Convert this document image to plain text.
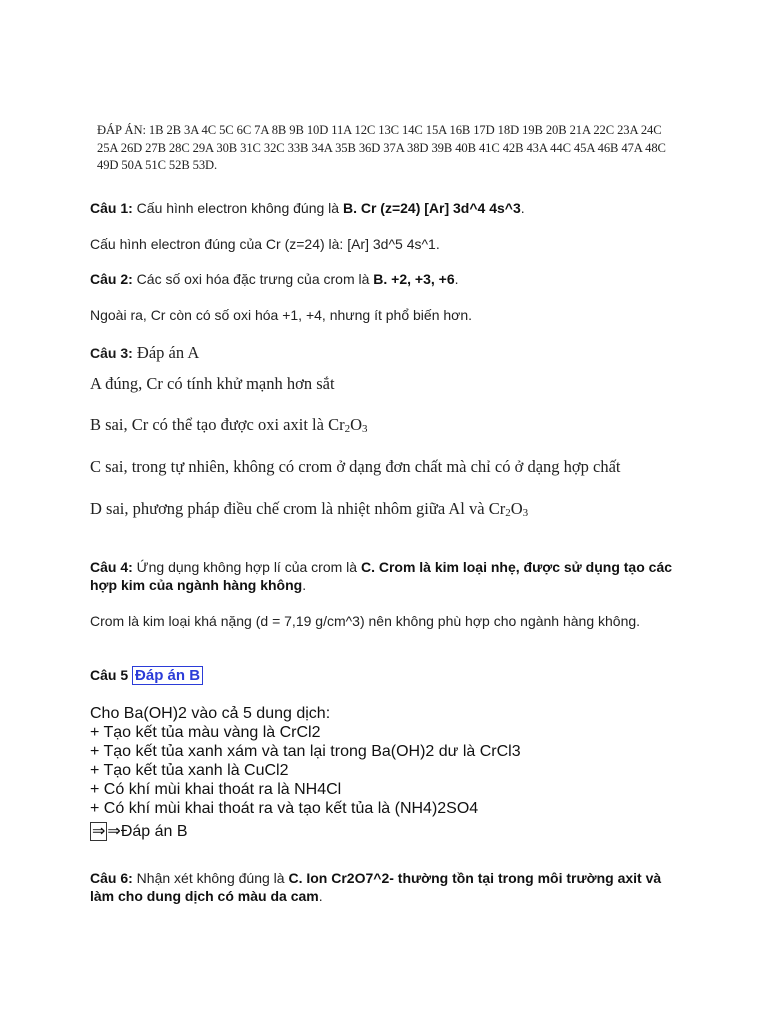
ĐÁP ÁN: 1B 2B 3A 4C 5C 6C 7A 8B 9B 10D 11A 12C 13C 14C 15A 16B 17D 18D 19B 20B 21A 22C 23A 24C 25A 26D 27B 28C 29A 30B 31C 32C 33B 34A 35B 36D 37A 38D 39B 40B 41C 42B 43A 44C 45A 46B 47A 48C 49D 50A 51C 52B 53D.
Câu 1: Cấu hình electron không đúng là B. Cr (z=24) [Ar] 3d^4 4s^3.
Cấu hình electron đúng của Cr (z=24) là: [Ar] 3d^5 4s^1.
Câu 2: Các số oxi hóa đặc trưng của crom là B. +2, +3, +6.
Ngoài ra, Cr còn có số oxi hóa +1, +4, nhưng ít phổ biến hơn.
Câu 3: Đáp án A
A đúng, Cr có tính khử mạnh hơn sắt
B sai, Cr có thể tạo được oxi axit là $Cr_2O_3$
C sai, trong tự nhiên, không có crom ở dạng đơn chất mà chỉ có ở dạng hợp chất
D sai, phương pháp điều chế crom là nhiệt nhôm giữa Al và $Cr_2O_3$
Câu 4: Ứng dụng không hợp lí của crom là C. Crom là kim loại nhẹ, được sử dụng tạo các hợp kim của ngành hàng không.
Crom là kim loại khá nặng (d = 7,19 g/cm^3) nên không phù hợp cho ngành hàng không.
Câu 5 Đáp án B
Cho Ba(OH)2 vào cả 5 dung dịch:
+ Tạo kết tủa màu vàng là CrCl2
+ Tạo kết tủa xanh xám và tan lại trong Ba(OH)2 dư là CrCl3
+ Tạo kết tủa xanh là CuCl2
+ Có khí mùi khai thoát ra là NH4Cl
+ Có khí mùi khai thoát ra và tạo kết tủa là (NH4)2SO4
⇒ ⇒Đáp án B
Câu 6: Nhận xét không đúng là C. Ion Cr2O7^2- thường tồn tại trong môi trường axit và làm cho dung dịch có màu da cam.
